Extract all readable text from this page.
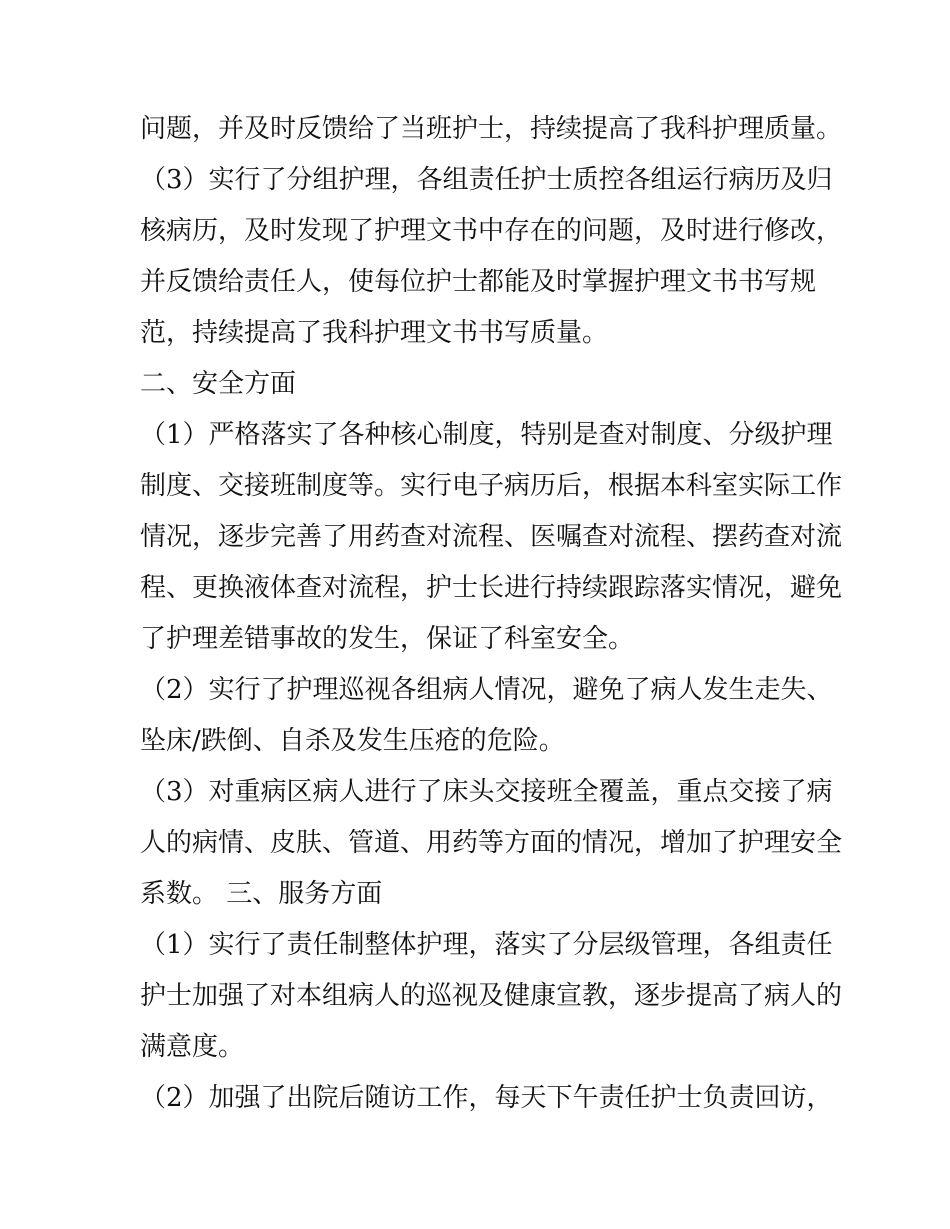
问题，并及时反馈给了当班护士，持续提高了我科护理质量。
（3）实行了分组护理，各组责任护士质控各组运行病历及归
核病历，及时发现了护理文书中存在的问题，及时进行修改，
并反馈给责任人，使每位护士都能及时掌握护理文书书写规
范，持续提高了我科护理文书书写质量。
二、安全方面
（1）严格落实了各种核心制度，特别是查对制度、分级护理
制度、交接班制度等。实行电子病历后，根据本科室实际工作
情况，逐步完善了用药查对流程、医嘱查对流程、摆药查对流
程、更换液体查对流程，护士长进行持续跟踪落实情况，避免
了护理差错事故的发生，保证了科室安全。
（2）实行了护理巡视各组病人情况，避免了病人发生走失、
坠床/跌倒、自杀及发生压疮的危险。
（3）对重病区病人进行了床头交接班全覆盖，重点交接了病
人的病情、皮肤、管道、用药等方面的情况，增加了护理安全
系数。 三、服务方面
（1）实行了责任制整体护理，落实了分层级管理，各组责任
护士加强了对本组病人的巡视及健康宣教，逐步提高了病人的
满意度。
（2）加强了出院后随访工作，每天下午责任护士负责回访，
